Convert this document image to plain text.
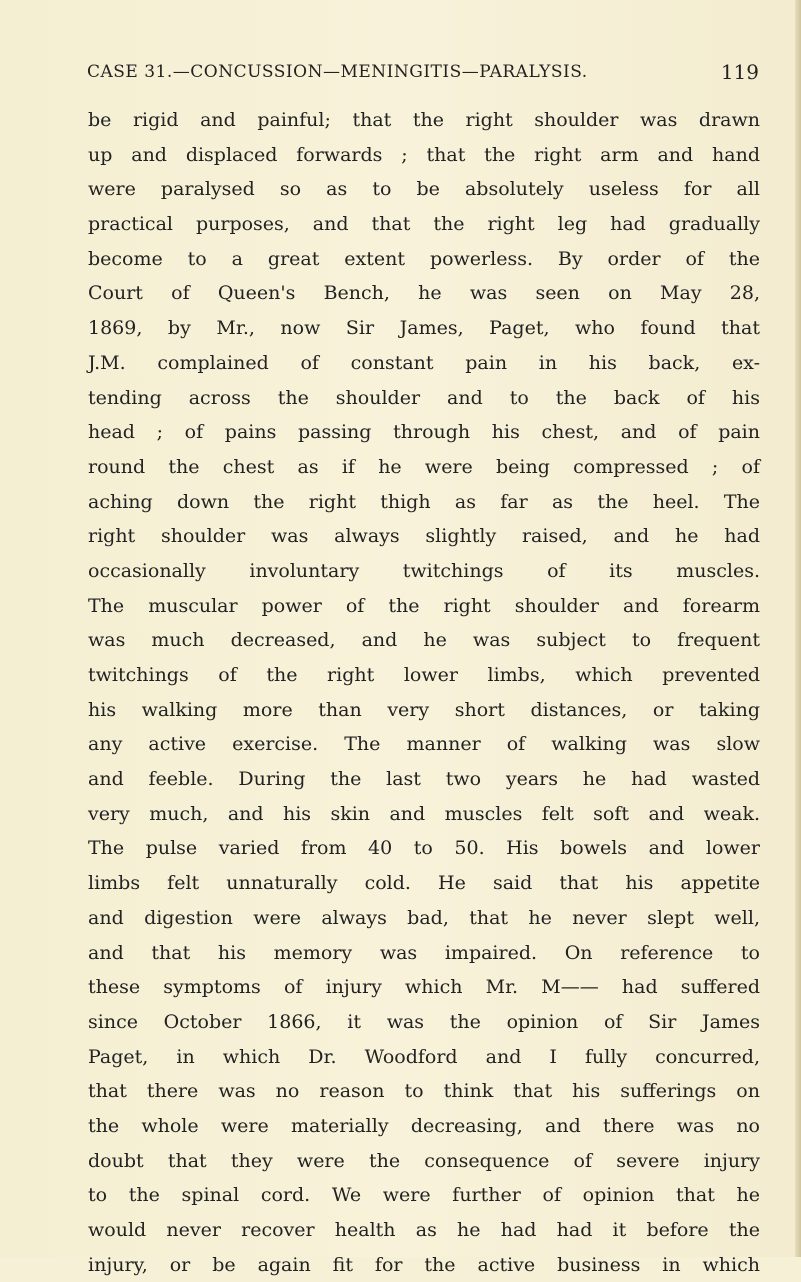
CASE 31.—CONCUSSION—MENINGITIS—PARALYSIS.	119
be rigid and painful; that the right shoulder was drawn
up and displaced forwards ; that the right arm and hand
were paralysed so as to be absolutely useless for all
practical purposes, and that the right leg had gradually
become to a great extent powerless. By order of the
Court of Queen's Bench, he was seen on May 28,
1869, by Mr., now Sir James, Paget, who found that
J.M. complained of constant pain in his back, ex-
tending across the shoulder and to the back of his
head ; of pains passing through his chest, and of pain
round the chest as if he were being compressed ; of
aching down the right thigh as far as the heel. The
right shoulder was always slightly raised, and he had
occasionally involuntary twitchings of its muscles.
The muscular power of the right shoulder and forearm
was much decreased, and he was subject to frequent
twitchings of the right lower limbs, which prevented
his walking more than very short distances, or taking
any active exercise. The manner of walking was slow
and feeble. During the last two years he had wasted
very much, and his skin and muscles felt soft and weak.
The pulse varied from 40 to 50. His bowels and lower
limbs felt unnaturally cold. He said that his appetite
and digestion were always bad, that he never slept well,
and that his memory was impaired. On reference to
these symptoms of injury which Mr. M—— had suffered
since October 1866, it was the opinion of Sir James
Paget, in which Dr. Woodford and I fully concurred,
that there was no reason to think that his sufferings on
the whole were materially decreasing, and there was no
doubt that they were the consequence of severe injury
to the spinal cord. We were further of opinion that he
would never recover health as he had had it before the
injury, or be again fit for the active business in which
